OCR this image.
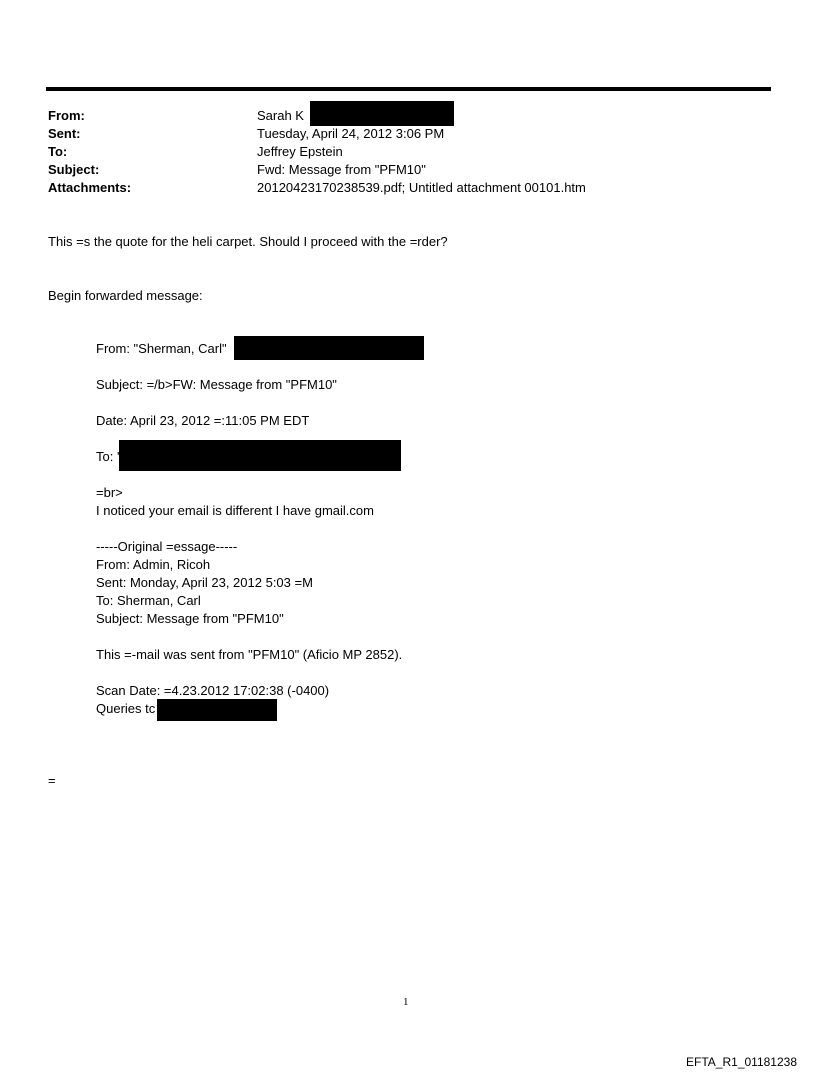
From:	Sarah K
Sent:	Tuesday, April 24, 2012 3:06 PM
To:	Jeffrey Epstein
Subject:	Fwd: Message from "PFM10"
Attachments:	20120423170238539.pdf; Untitled attachment 00101.htm
This =s the quote for the heli carpet. Should I proceed with the =rder?
Begin forwarded message:
From: "Sherman, Carl"
Subject: =/b>FW: Message from "PFM10"
Date: April 23, 2012 =:11:05 PM EDT
To: '
=br>
I noticed your email is different I have gmail.com
-----Original =essage-----
From: Admin, Ricoh
Sent: Monday, April 23, 2012 5:03 =M
To: Sherman, Carl
Subject: Message from "PFM10"
This =-mail was sent from "PFM10" (Aficio MP 2852).
Scan Date: =4.23.2012 17:02:38 (-0400)
Queries tc
=
1
EFTA_R1_01181238
